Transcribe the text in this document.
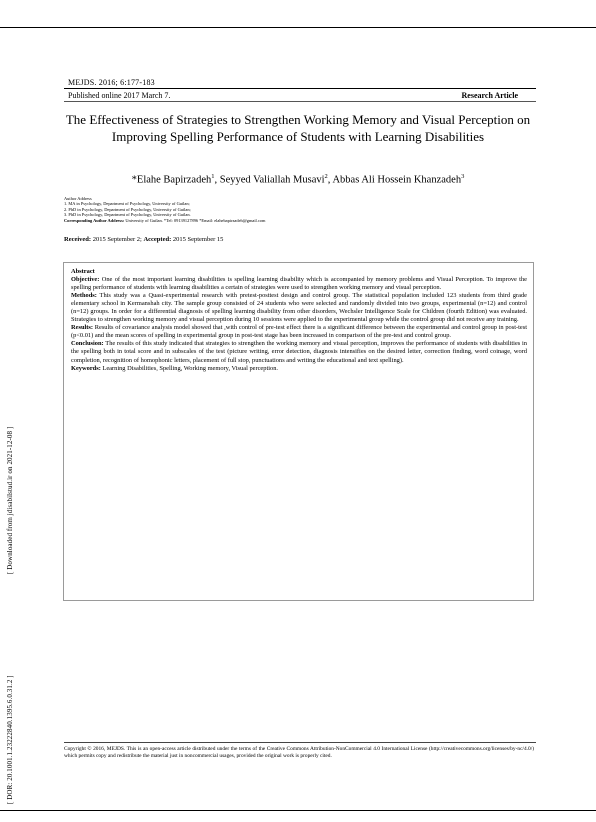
MEJDS. 2016; 6:177-183
Published online 2017 March 7.	Research Article
The Effectiveness of Strategies to Strengthen Working Memory and Visual Perception on Improving Spelling Performance of Students with Learning Disabilities
*Elahe Bapirzadeh$^1$, Seyyed Valiallah Musavi$^2$, Abbas Ali Hossein Khanzadeh$^3$
Author Address
1. MA in Psychology, Department of Psychology, University of Guilan;
2. PhD in Psychology, Department of Psychology, University of Guilan;
3. PhD in Psychology, Department of Psychology, University of Guilan.
Corresponding Author Address: University of Guilan. *Tel: 09139127896 *Email: elahebapirzadeh@gmail.com
Received: 2015 September 2; Accepted: 2015 September 15

Abstract

Objective: One of the most important learning disabilities is spelling learning disability which is accompanied by memory problems and Visual Perception. To improve the spelling performance of students with learning disabilities a certain of strategies were used to strengthen working memory and visual perception.

Methods: This study was a Quasi-experimental research with pretest-posttest design and control group. The statistical population included 123 students from third grade elementary school in Kermanshah city. The sample group consisted of 24 students who were selected and randomly divided into two groups, experimental (n=12) and control (n=12) groups. In order for a differential diagnosis of spelling learning disability from other disorders, Wechsler Intelligence Scale for Children (fourth Edition) was evaluated. Strategies to strengthen working memory and visual perception during 10 sessions were applied to the experimental group while the control group did not receive any training.

Results: Results of covariance analysis model showed that ,with control of pre-test effect there is a significant difference between the experimental and control group in post-test (p<0.01) and the mean scores of spelling in experimental group in post-test stage has been increased in comparison of the pre-test and control group.

Conclusion: The results of this study indicated that strategies to strengthen the working memory and visual perception, improves the performance of students with disabilities in the spelling both in total score and in subscales of the test (picture writing, error detection, diagnosis intensifies on the desired letter, correction finding, word coinage, word completion, recognition of homophonic letters, placement of full stop, punctuations and writing the educational and text spelling).

Keywords: Learning Disabilities, Spelling, Working memory, Visual perception.

[ Downloaded from jdisabilstud.ir on 2021-12-08 ]
[ DOR: 20.1001.1.23222840.1395.6.0.31.2 ]	Copyright © 2016, MEJDS. This is an open-access article distributed under the terms of the Creative Commons Attribution-NonCommercial 4.0 International License (http://creativecommons.org/licenses/by-nc/4.0/) which permits copy and redistribute the material just in noncommercial usages, provided the original work is properly cited.
